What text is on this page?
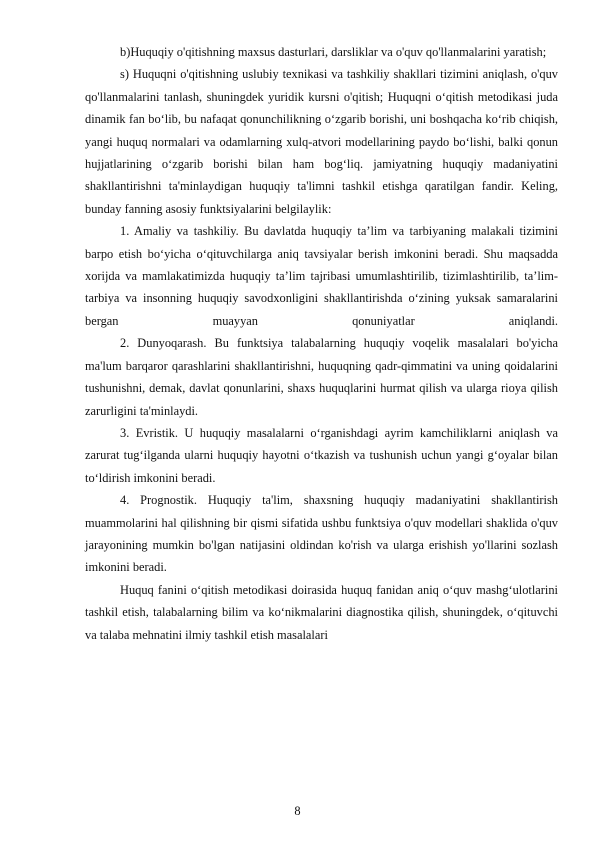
b)Huquqiy o'qitishning maxsus dasturlari, darsliklar va o'quv qo'llanmalarini yaratish;

s) Huquqni o'qitishning uslubiy texnikasi va tashkiliy shakllari tizimini aniqlash, o'quv qo'llanmalarini tanlash, shuningdek yuridik kursni o'qitish; Huquqni o‘qitish metodikasi juda dinamik fan bo‘lib, bu nafaqat qonunchilikning o‘zgarib borishi, uni boshqacha ko‘rib chiqish, yangi huquq normalari va odamlarning xulq-atvori modellarining paydo bo‘lishi, balki qonun hujjatlarining o‘zgarib borishi bilan ham bog‘liq. jamiyatning huquqiy madaniyatini shakllantirishni ta'minlaydigan huquqiy ta'limni tashkil etishga qaratilgan fandir. Keling, bunday fanning asosiy funktsiyalarini belgilaylik:

1. Amaliy va tashkiliy. Bu davlatda huquqiy ta’lim va tarbiyaning malakali tizimini barpo etish bo‘yicha o‘qituvchilarga aniq tavsiyalar berish imkonini beradi. Shu maqsadda xorijda va mamlakatimizda huquqiy ta’lim tajribasi umumlashtirilib, tizimlashtirilib, ta’lim-tarbiya va insonning huquqiy savodxonligini shakllantirishda o‘zining yuksak samaralarini bergan muayyan qonuniyatlar aniqlandi.

2. Dunyoqarash. Bu funktsiya talabalarning huquqiy voqelik masalalari bo'yicha ma'lum barqaror qarashlarini shakllantirishni, huquqning qadr-qimmatini va uning qoidalarini tushunishni, demak, davlat qonunlarini, shaxs huquqlarini hurmat qilish va ularga rioya qilish zarurligini ta'minlaydi.

3. Evristik. U huquqiy masalalarni o‘rganishdagi ayrim kamchiliklarni aniqlash va zarurat tug‘ilganda ularni huquqiy hayotni o‘tkazish va tushunish uchun yangi g‘oyalar bilan to‘ldirish imkonini beradi.

4. Prognostik. Huquqiy ta'lim, shaxsning huquqiy madaniyatini shakllantirish muammolarini hal qilishning bir qismi sifatida ushbu funktsiya o'quv modellari shaklida o'quv jarayonining mumkin bo'lgan natijasini oldindan ko'rish va ularga erishish yo'llarini sozlash imkonini beradi.

Huquq fanini o‘qitish metodikasi doirasida huquq fanidan aniq o‘quv mashg‘ulotlarini tashkil etish, talabalarning bilim va ko‘nikmalarini diagnostika qilish, shuningdek, o‘qituvchi va talaba mehnatini ilmiy tashkil etish masalalari

8
